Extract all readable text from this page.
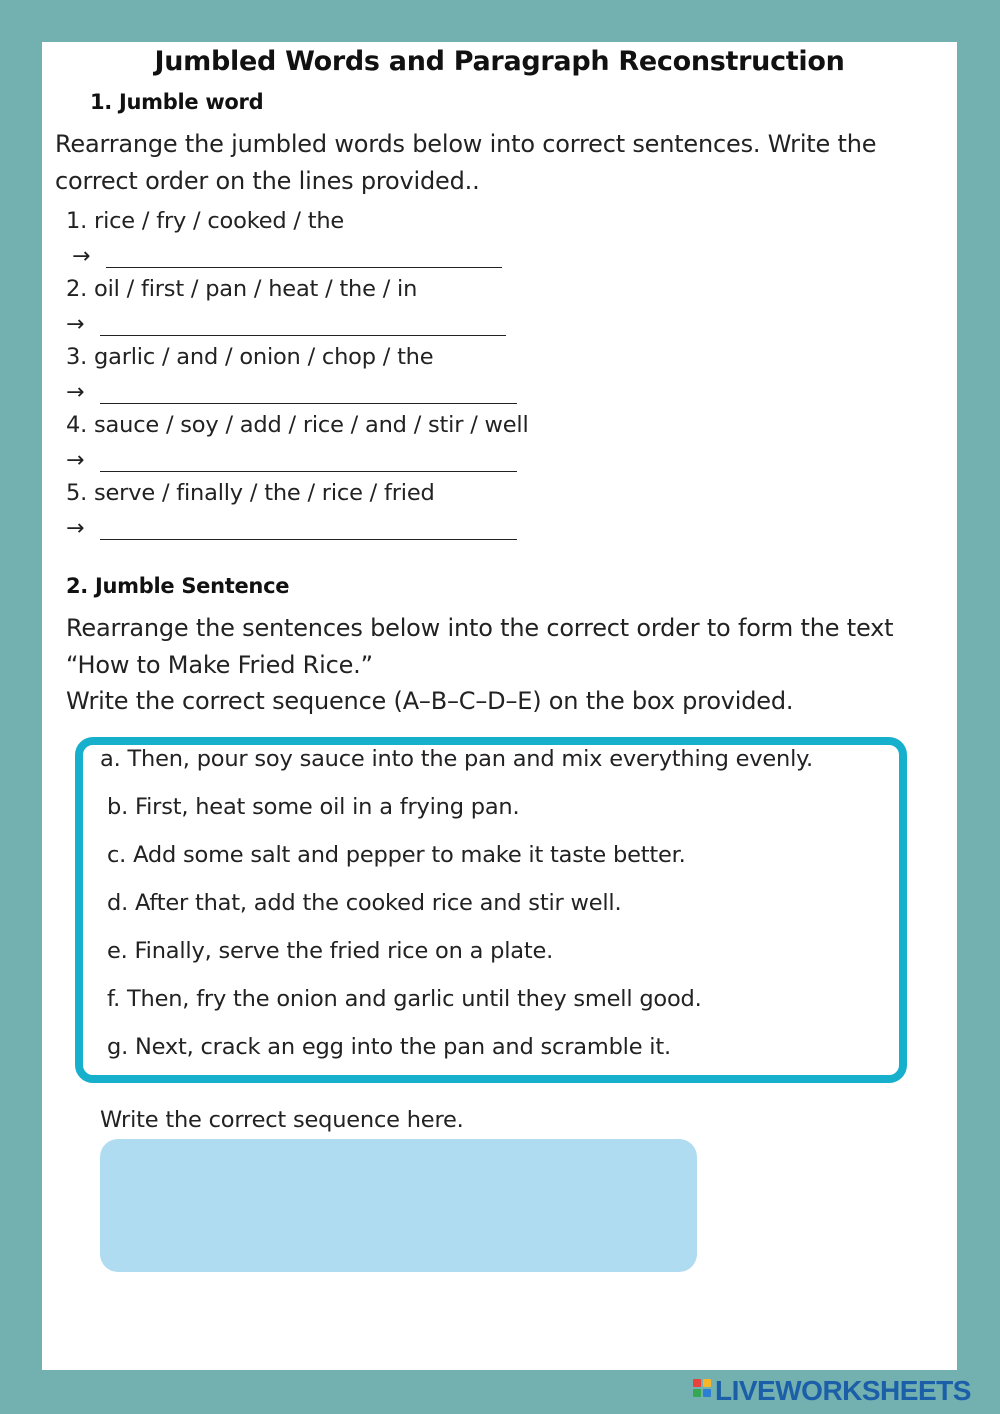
Jumbled Words and Paragraph Reconstruction
1. Jumble word
Rearrange the jumbled words below into correct sentences. Write the correct order on the lines provided..
1. rice / fry / cooked / the
→
2. oil / first / pan / heat / the / in
→
3. garlic / and / onion / chop / the
→
4. sauce / soy / add / rice / and / stir / well
→
5. serve / finally / the / rice / fried
→
2. Jumble Sentence
Rearrange the sentences below into the correct order to form the text “How to Make Fried Rice.”
Write the correct sequence (A–B–C–D–E) on the box provided.
a. Then, pour soy sauce into the pan and mix everything evenly.
b. First, heat some oil in a frying pan.
c. Add some salt and pepper to make it taste better.
d. After that, add the cooked rice and stir well.
e. Finally, serve the fried rice on a plate.
f. Then, fry the onion and garlic until they smell good.
g. Next, crack an egg into the pan and scramble it.
Write the correct sequence here.
LIVEWORKSHEETS
